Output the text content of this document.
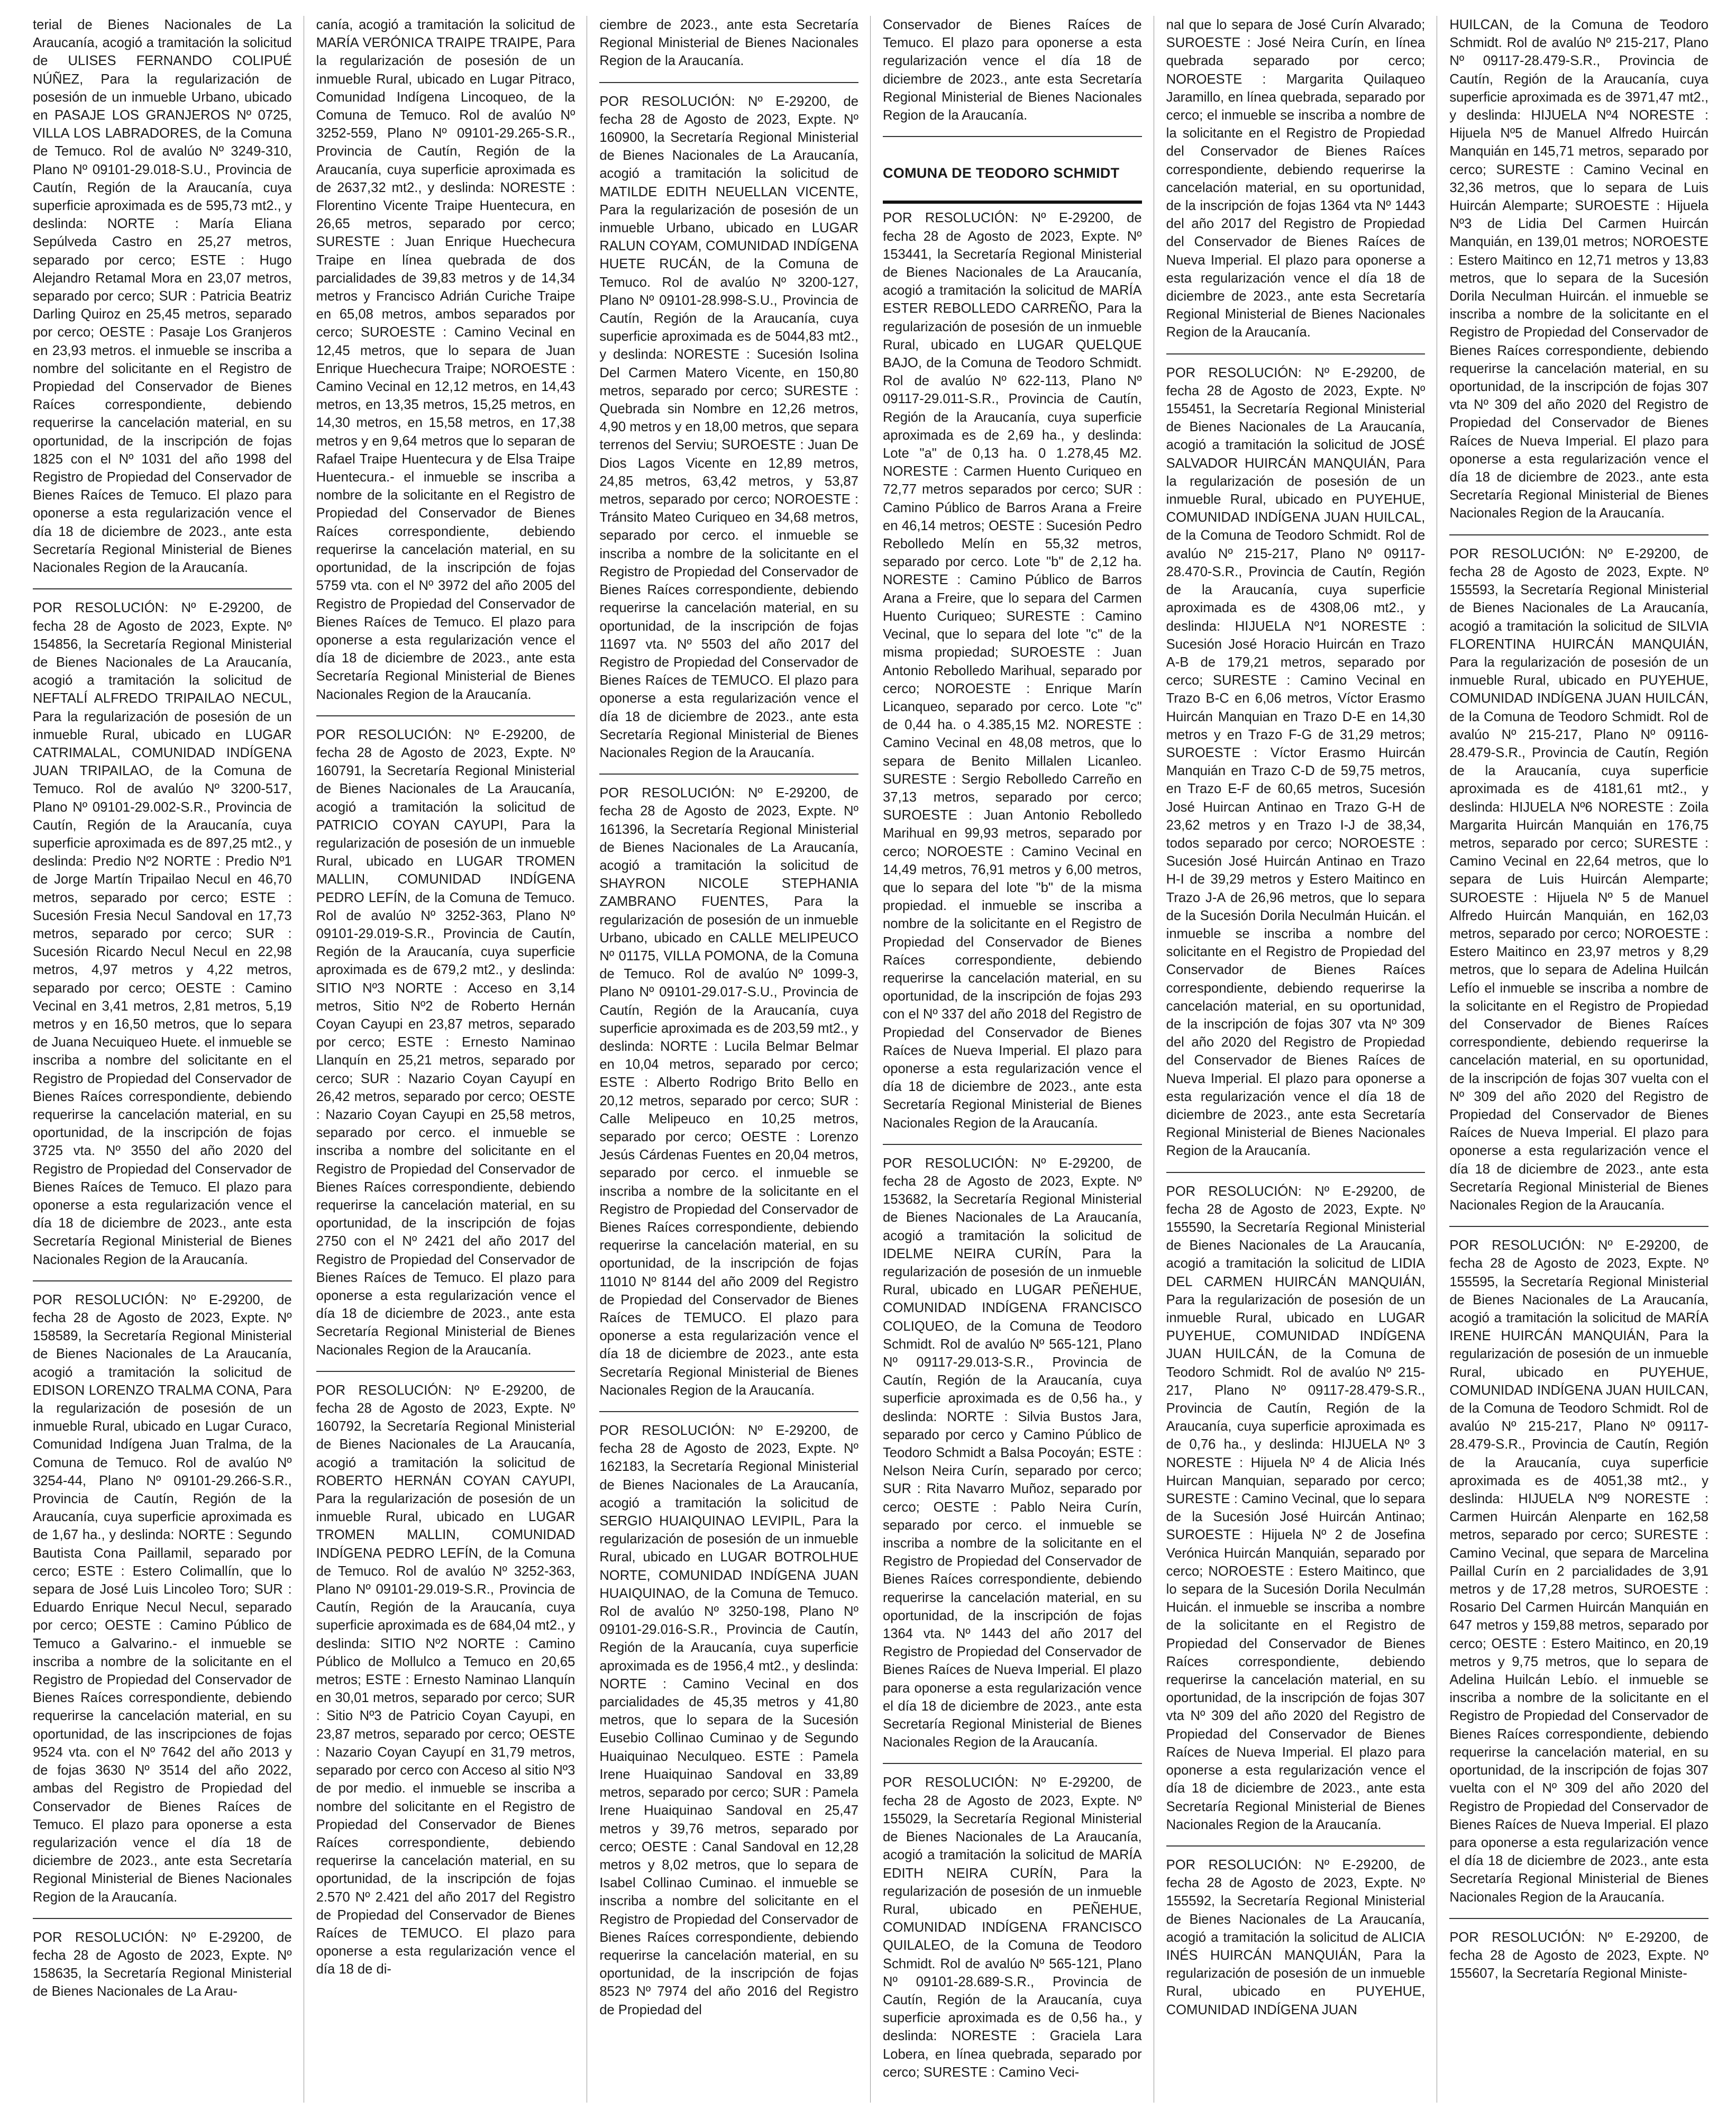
terial de Bienes Nacionales de La Araucanía, acogió a tramitación la solicitud de ULISES FERNANDO COLIPUÉ NÚÑEZ, Para la regularización de posesión de un inmueble Urbano, ubicado en PASAJE LOS GRANJEROS Nº 0725, VILLA LOS LABRADORES, de la Comuna de Temuco. Rol de avalúo Nº 3249-310, Plano Nº 09101-29.018-S.U., Provincia de Cautín, Región de la Araucanía, cuya superficie aproximada es de 595,73 mt2., y deslinda: NORTE : María Eliana Sepúlveda Castro en 25,27 metros, separado por cerco; ESTE : Hugo Alejandro Retamal Mora en 23,07 metros, separado por cerco; SUR : Patricia Beatriz Darling Quiroz en 25,45 metros, separado por cerco; OESTE : Pasaje Los Granjeros en 23,93 metros. el inmueble se inscriba a nombre del solicitante en el Registro de Propiedad del Conservador de Bienes Raíces correspondiente, debiendo requerirse la cancelación material, en su oportunidad, de la inscripción de fojas 1825 con el Nº 1031 del año 1998 del Registro de Propiedad del Conservador de Bienes Raíces de Temuco. El plazo para oponerse a esta regularización vence el día 18 de diciembre de 2023., ante esta Secretaría Regional Ministerial de Bienes Nacionales Region de la Araucanía.

POR RESOLUCIÓN: Nº E-29200, de fecha 28 de Agosto de 2023, Expte. Nº 154856, la Secretaría Regional Ministerial de Bienes Nacionales de La Araucanía, acogió a tramitación la solicitud de NEFTALÍ ALFREDO TRIPAILAO NECUL, Para la regularización de posesión de un inmueble Rural, ubicado en LUGAR CATRIMALAL, COMUNIDAD INDÍGENA JUAN TRIPAILAO, de la Comuna de Temuco. Rol de avalúo Nº 3200-517, Plano Nº 09101-29.002-S.R., Provincia de Cautín, Región de la Araucanía, cuya superficie aproximada es de 897,25 mt2., y deslinda: Predio Nº2 NORTE : Predio Nº1 de Jorge Martín Tripailao Necul en 46,70 metros, separado por cerco; ESTE : Sucesión Fresia Necul Sandoval en 17,73 metros, separado por cerco; SUR : Sucesión Ricardo Necul Necul en 22,98 metros, 4,97 metros y 4,22 metros, separado por cerco; OESTE : Camino Vecinal en 3,41 metros, 2,81 metros, 5,19 metros y en 16,50 metros, que lo separa de Juana Necuiqueo Huete. el inmueble se inscriba a nombre del solicitante en el Registro de Propiedad del Conservador de Bienes Raíces correspondiente, debiendo requerirse la cancelación material, en su oportunidad, de la inscripción de fojas 3725 vta. Nº 3550 del año 2020 del Registro de Propiedad del Conservador de Bienes Raíces de Temuco. El plazo para oponerse a esta regularización vence el día 18 de diciembre de 2023., ante esta Secretaría Regional Ministerial de Bienes Nacionales Region de la Araucanía.

POR RESOLUCIÓN: Nº E-29200, de fecha 28 de Agosto de 2023, Expte. Nº 158589, la Secretaría Regional Ministerial de Bienes Nacionales de La Araucanía, acogió a tramitación la solicitud de EDISON LORENZO TRALMA CONA, Para la regularización de posesión de un inmueble Rural, ubicado en Lugar Curaco, Comunidad Indígena Juan Tralma, de la Comuna de Temuco. Rol de avalúo Nº 3254-44, Plano Nº 09101-29.266-S.R., Provincia de Cautín, Región de la Araucanía, cuya superficie aproximada es de 1,67 ha., y deslinda: NORTE : Segundo Bautista Cona Paillamil, separado por cerco; ESTE : Estero Colimallín, que lo separa de José Luis Lincoleo Toro; SUR : Eduardo Enrique Necul Necul, separado por cerco; OESTE : Camino Público de Temuco a Galvarino.- el inmueble se inscriba a nombre de la solicitante en el Registro de Propiedad del Conservador de Bienes Raíces correspondiente, debiendo requerirse la cancelación material, en su oportunidad, de las inscripciones de fojas 9524 vta. con el Nº 7642 del año 2013 y de fojas 3630 Nº 3514 del año 2022, ambas del Registro de Propiedad del Conservador de Bienes Raíces de Temuco. El plazo para oponerse a esta regularización vence el día 18 de diciembre de 2023., ante esta Secretaría Regional Ministerial de Bienes Nacionales Region de la Araucanía.

POR RESOLUCIÓN: Nº E-29200, de fecha 28 de Agosto de 2023, Expte. Nº 158635, la Secretaría Regional Ministerial de Bienes Nacionales de La Arau-

canía, acogió a tramitación la solicitud de MARÍA VERÓNICA TRAIPE TRAIPE, Para la regularización de posesión de un inmueble Rural, ubicado en Lugar Pitraco, Comunidad Indígena Lincoqueo, de la Comuna de Temuco. Rol de avalúo Nº 3252-559, Plano Nº 09101-29.265-S.R., Provincia de Cautín, Región de la Araucanía, cuya superficie aproximada es de 2637,32 mt2., y deslinda: NORESTE : Florentino Vicente Traipe Huentecura, en 26,65 metros, separado por cerco; SURESTE : Juan Enrique Huechecura Traipe en línea quebrada de dos parcialidades de 39,83 metros y de 14,34 metros y Francisco Adrián Curiche Traipe en 65,08 metros, ambos separados por cerco; SUROESTE : Camino Vecinal en 12,45 metros, que lo separa de Juan Enrique Huechecura Traipe; NOROESTE : Camino Vecinal en 12,12 metros, en 14,43 metros, en 13,35 metros, 15,25 metros, en 14,30 metros, en 15,58 metros, en 17,38 metros y en 9,64 metros que lo separan de Rafael Traipe Huentecura y de Elsa Traipe Huentecura.- el inmueble se inscriba a nombre de la solicitante en el Registro de Propiedad del Conservador de Bienes Raíces correspondiente, debiendo requerirse la cancelación material, en su oportunidad, de la inscripción de fojas 5759 vta. con el Nº 3972 del año 2005 del Registro de Propiedad del Conservador de Bienes Raíces de Temuco. El plazo para oponerse a esta regularización vence el día 18 de diciembre de 2023., ante esta Secretaría Regional Ministerial de Bienes Nacionales Region de la Araucanía.

POR RESOLUCIÓN: Nº E-29200, de fecha 28 de Agosto de 2023, Expte. Nº 160791, la Secretaría Regional Ministerial de Bienes Nacionales de La Araucanía, acogió a tramitación la solicitud de PATRICIO COYAN CAYUPI, Para la regularización de posesión de un inmueble Rural, ubicado en LUGAR TROMEN MALLIN, COMUNIDAD INDÍGENA PEDRO LEFÍN, de la Comuna de Temuco. Rol de avalúo Nº 3252-363, Plano Nº 09101-29.019-S.R., Provincia de Cautín, Región de la Araucanía, cuya superficie aproximada es de 679,2 mt2., y deslinda: SITIO Nº3 NORTE : Acceso en 3,14 metros, Sitio Nº2 de Roberto Hernán Coyan Cayupi en 23,87 metros, separado por cerco; ESTE : Ernesto Naminao Llanquín en 25,21 metros, separado por cerco; SUR : Nazario Coyan Cayupí en 26,42 metros, separado por cerco; OESTE : Nazario Coyan Cayupi en 25,58 metros, separado por cerco. el inmueble se inscriba a nombre del solicitante en el Registro de Propiedad del Conservador de Bienes Raíces correspondiente, debiendo requerirse la cancelación material, en su oportunidad, de la inscripción de fojas 2750 con el Nº 2421 del año 2017 del Registro de Propiedad del Conservador de Bienes Raíces de Temuco. El plazo para oponerse a esta regularización vence el día 18 de diciembre de 2023., ante esta Secretaría Regional Ministerial de Bienes Nacionales Region de la Araucanía.

POR RESOLUCIÓN: Nº E-29200, de fecha 28 de Agosto de 2023, Expte. Nº 160792, la Secretaría Regional Ministerial de Bienes Nacionales de La Araucanía, acogió a tramitación la solicitud de ROBERTO HERNÁN COYAN CAYUPI, Para la regularización de posesión de un inmueble Rural, ubicado en LUGAR TROMEN MALLIN, COMUNIDAD INDÍGENA PEDRO LEFÍN, de la Comuna de Temuco. Rol de avalúo Nº 3252-363, Plano Nº 09101-29.019-S.R., Provincia de Cautín, Región de la Araucanía, cuya superficie aproximada es de 684,04 mt2., y deslinda: SITIO Nº2 NORTE : Camino Público de Mollulco a Temuco en 20,65 metros; ESTE : Ernesto Naminao Llanquín en 30,01 metros, separado por cerco; SUR : Sitio Nº3 de Patricio Coyan Cayupi, en 23,87 metros, separado por cerco; OESTE : Nazario Coyan Cayupí en 31,79 metros, separado por cerco con Acceso al sitio Nº3 de por medio. el inmueble se inscriba a nombre del solicitante en el Registro de Propiedad del Conservador de Bienes Raíces correspondiente, debiendo requerirse la cancelación material, en su oportunidad, de la inscripción de fojas 2.570 Nº 2.421 del año 2017 del Registro de Propiedad del Conservador de Bienes Raíces de TEMUCO. El plazo para oponerse a esta regularización vence el día 18 de di-

ciembre de 2023., ante esta Secretaría Regional Ministerial de Bienes Nacionales Region de la Araucanía.

POR RESOLUCIÓN: Nº E-29200, de fecha 28 de Agosto de 2023, Expte. Nº 160900, la Secretaría Regional Ministerial de Bienes Nacionales de La Araucanía, acogió a tramitación la solicitud de MATILDE EDITH NEUELLAN VICENTE, Para la regularización de posesión de un inmueble Urbano, ubicado en LUGAR RALUN COYAM, COMUNIDAD INDÍGENA HUETE RUCÁN, de la Comuna de Temuco. Rol de avalúo Nº 3200-127, Plano Nº 09101-28.998-S.U., Provincia de Cautín, Región de la Araucanía, cuya superficie aproximada es de 5044,83 mt2., y deslinda: NORESTE : Sucesión Isolina Del Carmen Matero Vicente, en 150,80 metros, separado por cerco; SURESTE : Quebrada sin Nombre en 12,26 metros, 4,90 metros y en 18,00 metros, que separa terrenos del Serviu; SUROESTE : Juan De Dios Lagos Vicente en 12,89 metros, 24,85 metros, 63,42 metros, y 53,87 metros, separado por cerco; NOROESTE : Tránsito Mateo Curiqueo en 34,68 metros, separado por cerco. el inmueble se inscriba a nombre de la solicitante en el Registro de Propiedad del Conservador de Bienes Raíces correspondiente, debiendo requerirse la cancelación material, en su oportunidad, de la inscripción de fojas 11697 vta. Nº 5503 del año 2017 del Registro de Propiedad del Conservador de Bienes Raíces de TEMUCO. El plazo para oponerse a esta regularización vence el día 18 de diciembre de 2023., ante esta Secretaría Regional Ministerial de Bienes Nacionales Region de la Araucanía.

POR RESOLUCIÓN: Nº E-29200, de fecha 28 de Agosto de 2023, Expte. Nº 161396, la Secretaría Regional Ministerial de Bienes Nacionales de La Araucanía, acogió a tramitación la solicitud de SHAYRON NICOLE STEPHANIA ZAMBRANO FUENTES, Para la regularización de posesión de un inmueble Urbano, ubicado en CALLE MELIPEUCO Nº 01175, VILLA POMONA, de la Comuna de Temuco. Rol de avalúo Nº 1099-3, Plano Nº 09101-29.017-S.U., Provincia de Cautín, Región de la Araucanía, cuya superficie aproximada es de 203,59 mt2., y deslinda: NORTE : Lucila Belmar Belmar en 10,04 metros, separado por cerco; ESTE : Alberto Rodrigo Brito Bello en 20,12 metros, separado por cerco; SUR : Calle Melipeuco en 10,25 metros, separado por cerco; OESTE : Lorenzo Jesús Cárdenas Fuentes en 20,04 metros, separado por cerco. el inmueble se inscriba a nombre de la solicitante en el Registro de Propiedad del Conservador de Bienes Raíces correspondiente, debiendo requerirse la cancelación material, en su oportunidad, de la inscripción de fojas 11010 Nº 8144 del año 2009 del Registro de Propiedad del Conservador de Bienes Raíces de TEMUCO. El plazo para oponerse a esta regularización vence el día 18 de diciembre de 2023., ante esta Secretaría Regional Ministerial de Bienes Nacionales Region de la Araucanía.

POR RESOLUCIÓN: Nº E-29200, de fecha 28 de Agosto de 2023, Expte. Nº 162183, la Secretaría Regional Ministerial de Bienes Nacionales de La Araucanía, acogió a tramitación la solicitud de SERGIO HUAIQUINAO LEVIPIL, Para la regularización de posesión de un inmueble Rural, ubicado en LUGAR BOTROLHUE NORTE, COMUNIDAD INDÍGENA JUAN HUAIQUINAO, de la Comuna de Temuco. Rol de avalúo Nº 3250-198, Plano Nº 09101-29.016-S.R., Provincia de Cautín, Región de la Araucanía, cuya superficie aproximada es de 1956,4 mt2., y deslinda: NORTE : Camino Vecinal en dos parcialidades de 45,35 metros y 41,80 metros, que lo separa de la Sucesión Eusebio Collinao Cuminao y de Segundo Huaiquinao Neculqueo. ESTE : Pamela Irene Huaiquinao Sandoval en 33,89 metros, separado por cerco; SUR : Pamela Irene Huaiquinao Sandoval en 25,47 metros y 39,76 metros, separado por cerco; OESTE : Canal Sandoval en 12,28 metros y 8,02 metros, que lo separa de Isabel Collinao Cuminao. el inmueble se inscriba a nombre del solicitante en el Registro de Propiedad del Conservador de Bienes Raíces correspondiente, debiendo requerirse la cancelación material, en su oportunidad, de la inscripción de fojas 8523 Nº 7974 del año 2016 del Registro de Propiedad del

Conservador de Bienes Raíces de Temuco. El plazo para oponerse a esta regularización vence el día 18 de diciembre de 2023., ante esta Secretaría Regional Ministerial de Bienes Nacionales Region de la Araucanía.

COMUNA DE TEODORO SCHMIDT

POR RESOLUCIÓN: Nº E-29200, de fecha 28 de Agosto de 2023, Expte. Nº 153441, la Secretaría Regional Ministerial de Bienes Nacionales de La Araucanía, acogió a tramitación la solicitud de MARÍA ESTER REBOLLEDO CARREÑO, Para la regularización de posesión de un inmueble Rural, ubicado en LUGAR QUELQUE BAJO, de la Comuna de Teodoro Schmidt. Rol de avalúo Nº 622-113, Plano Nº 09117-29.011-S.R., Provincia de Cautín, Región de la Araucanía, cuya superficie aproximada es de 2,69 ha., y deslinda: Lote "a" de 0,13 ha. 0 1.278,45 M2. NORESTE : Carmen Huento Curiqueo en 72,77 metros separados por cerco; SUR : Camino Público de Barros Arana a Freire en 46,14 metros; OESTE : Sucesión Pedro Rebolledo Melín en 55,32 metros, separado por cerco. Lote "b" de 2,12 ha. NORESTE : Camino Público de Barros Arana a Freire, que lo separa del Carmen Huento Curiqueo; SURESTE : Camino Vecinal, que lo separa del lote "c" de la misma propiedad; SUROESTE : Juan Antonio Rebolledo Marihual, separado por cerco; NOROESTE : Enrique Marín Licanqueo, separado por cerco. Lote "c" de 0,44 ha. o 4.385,15 M2. NORESTE : Camino Vecinal en 48,08 metros, que lo separa de Benito Millalen Licanleo. SURESTE : Sergio Rebolledo Carreño en 37,13 metros, separado por cerco; SUROESTE : Juan Antonio Rebolledo Marihual en 99,93 metros, separado por cerco; NOROESTE : Camino Vecinal en 14,49 metros, 76,91 metros y 6,00 metros, que lo separa del lote "b" de la misma propiedad. el inmueble se inscriba a nombre de la solicitante en el Registro de Propiedad del Conservador de Bienes Raíces correspondiente, debiendo requerirse la cancelación material, en su oportunidad, de la inscripción de fojas 293 con el Nº 337 del año 2018 del Registro de Propiedad del Conservador de Bienes Raíces de Nueva Imperial. El plazo para oponerse a esta regularización vence el día 18 de diciembre de 2023., ante esta Secretaría Regional Ministerial de Bienes Nacionales Region de la Araucanía.

POR RESOLUCIÓN: Nº E-29200, de fecha 28 de Agosto de 2023, Expte. Nº 153682, la Secretaría Regional Ministerial de Bienes Nacionales de La Araucanía, acogió a tramitación la solicitud de IDELME NEIRA CURÍN, Para la regularización de posesión de un inmueble Rural, ubicado en LUGAR PEÑEHUE, COMUNIDAD INDÍGENA FRANCISCO COLIQUEO, de la Comuna de Teodoro Schmidt. Rol de avalúo Nº 565-121, Plano Nº 09117-29.013-S.R., Provincia de Cautín, Región de la Araucanía, cuya superficie aproximada es de 0,56 ha., y deslinda: NORTE : Silvia Bustos Jara, separado por cerco y Camino Público de Teodoro Schmidt a Balsa Pocoyán; ESTE : Nelson Neira Curín, separado por cerco; SUR : Rita Navarro Muñoz, separado por cerco; OESTE : Pablo Neira Curín, separado por cerco. el inmueble se inscriba a nombre de la solicitante en el Registro de Propiedad del Conservador de Bienes Raíces correspondiente, debiendo requerirse la cancelación material, en su oportunidad, de la inscripción de fojas 1364 vta. Nº 1443 del año 2017 del Registro de Propiedad del Conservador de Bienes Raíces de Nueva Imperial. El plazo para oponerse a esta regularización vence el día 18 de diciembre de 2023., ante esta Secretaría Regional Ministerial de Bienes Nacionales Region de la Araucanía.

POR RESOLUCIÓN: Nº E-29200, de fecha 28 de Agosto de 2023, Expte. Nº 155029, la Secretaría Regional Ministerial de Bienes Nacionales de La Araucanía, acogió a tramitación la solicitud de MARÍA EDITH NEIRA CURÍN, Para la regularización de posesión de un inmueble Rural, ubicado en PEÑEHUE, COMUNIDAD INDÍGENA FRANCISCO QUILALEO, de la Comuna de Teodoro Schmidt. Rol de avalúo Nº 565-121, Plano Nº 09101-28.689-S.R., Provincia de Cautín, Región de la Araucanía, cuya superficie aproximada es de 0,56 ha., y deslinda: NORESTE : Graciela Lara Lobera, en línea quebrada, separado por cerco; SURESTE : Camino Veci-

nal que lo separa de José Curín Alvarado; SUROESTE : José Neira Curín, en línea quebrada separado por cerco; NOROESTE : Margarita Quilaqueo Jaramillo, en línea quebrada, separado por cerco; el inmueble se inscriba a nombre de la solicitante en el Registro de Propiedad del Conservador de Bienes Raíces correspondiente, debiendo requerirse la cancelación material, en su oportunidad, de la inscripción de fojas 1364 vta Nº 1443 del año 2017 del Registro de Propiedad del Conservador de Bienes Raíces de Nueva Imperial. El plazo para oponerse a esta regularización vence el día 18 de diciembre de 2023., ante esta Secretaría Regional Ministerial de Bienes Nacionales Region de la Araucanía.

POR RESOLUCIÓN: Nº E-29200, de fecha 28 de Agosto de 2023, Expte. Nº 155451, la Secretaría Regional Ministerial de Bienes Nacionales de La Araucanía, acogió a tramitación la solicitud de JOSÉ SALVADOR HUIRCÁN MANQUIÁN, Para la regularización de posesión de un inmueble Rural, ubicado en PUYEHUE, COMUNIDAD INDÍGENA JUAN HUILCAL, de la Comuna de Teodoro Schmidt. Rol de avalúo Nº 215-217, Plano Nº 09117-28.470-S.R., Provincia de Cautín, Región de la Araucanía, cuya superficie aproximada es de 4308,06 mt2., y deslinda: HIJUELA Nº1 NORESTE : Sucesión José Horacio Huircán en Trazo A-B de 179,21 metros, separado por cerco; SURESTE : Camino Vecinal en Trazo B-C en 6,06 metros, Víctor Erasmo Huircán Manquian en Trazo D-E en 14,30 metros y en Trazo F-G de 31,29 metros; SUROESTE : Víctor Erasmo Huircán Manquián en Trazo C-D de 59,75 metros, en Trazo E-F de 60,65 metros, Sucesión José Huircan Antinao en Trazo G-H de 23,62 metros y en Trazo I-J de 38,34, todos separado por cerco; NOROESTE : Sucesión José Huircán Antinao en Trazo H-I de 39,29 metros y Estero Maitinco en Trazo J-A de 26,96 metros, que lo separa de la Sucesión Dorila Neculmán Huicán. el inmueble se inscriba a nombre del solicitante en el Registro de Propiedad del Conservador de Bienes Raíces correspondiente, debiendo requerirse la cancelación material, en su oportunidad, de la inscripción de fojas 307 vta Nº 309 del año 2020 del Registro de Propiedad del Conservador de Bienes Raíces de Nueva Imperial. El plazo para oponerse a esta regularización vence el día 18 de diciembre de 2023., ante esta Secretaría Regional Ministerial de Bienes Nacionales Region de la Araucanía.

POR RESOLUCIÓN: Nº E-29200, de fecha 28 de Agosto de 2023, Expte. Nº 155590, la Secretaría Regional Ministerial de Bienes Nacionales de La Araucanía, acogió a tramitación la solicitud de LIDIA DEL CARMEN HUIRCÁN MANQUIÁN, Para la regularización de posesión de un inmueble Rural, ubicado en LUGAR PUYEHUE, COMUNIDAD INDÍGENA JUAN HUILCÁN, de la Comuna de Teodoro Schmidt. Rol de avalúo Nº 215-217, Plano Nº 09117-28.479-S.R., Provincia de Cautín, Región de la Araucanía, cuya superficie aproximada es de 0,76 ha., y deslinda: HIJUELA Nº 3 NORESTE : Hijuela Nº 4 de Alicia Inés Huircan Manquian, separado por cerco; SURESTE : Camino Vecinal, que lo separa de la Sucesión José Huircán Antinao; SUROESTE : Hijuela Nº 2 de Josefina Verónica Huircán Manquián, separado por cerco; NOROESTE : Estero Maitinco, que lo separa de la Sucesión Dorila Neculmán Huicán. el inmueble se inscriba a nombre de la solicitante en el Registro de Propiedad del Conservador de Bienes Raíces correspondiente, debiendo requerirse la cancelación material, en su oportunidad, de la inscripción de fojas 307 vta Nº 309 del año 2020 del Registro de Propiedad del Conservador de Bienes Raíces de Nueva Imperial. El plazo para oponerse a esta regularización vence el día 18 de diciembre de 2023., ante esta Secretaría Regional Ministerial de Bienes Nacionales Region de la Araucanía.

POR RESOLUCIÓN: Nº E-29200, de fecha 28 de Agosto de 2023, Expte. Nº 155592, la Secretaría Regional Ministerial de Bienes Nacionales de La Araucanía, acogió a tramitación la solicitud de ALICIA INÉS HUIRCÁN MANQUIÁN, Para la regularización de posesión de un inmueble Rural, ubicado en PUYEHUE, COMUNIDAD INDÍGENA JUAN

HUILCAN, de la Comuna de Teodoro Schmidt. Rol de avalúo Nº 215-217, Plano Nº 09117-28.479-S.R., Provincia de Cautín, Región de la Araucanía, cuya superficie aproximada es de 3971,47 mt2., y deslinda: HIJUELA Nº4 NORESTE : Hijuela Nº5 de Manuel Alfredo Huircán Manquián en 145,71 metros, separado por cerco; SURESTE : Camino Vecinal en 32,36 metros, que lo separa de Luis Huircán Alemparte; SUROESTE : Hijuela Nº3 de Lidia Del Carmen Huircán Manquián, en 139,01 metros; NOROESTE : Estero Maitinco en 12,71 metros y 13,83 metros, que lo separa de la Sucesión Dorila Neculman Huircán. el inmueble se inscriba a nombre de la solicitante en el Registro de Propiedad del Conservador de Bienes Raíces correspondiente, debiendo requerirse la cancelación material, en su oportunidad, de la inscripción de fojas 307 vta Nº 309 del año 2020 del Registro de Propiedad del Conservador de Bienes Raíces de Nueva Imperial. El plazo para oponerse a esta regularización vence el día 18 de diciembre de 2023., ante esta Secretaría Regional Ministerial de Bienes Nacionales Region de la Araucanía.

POR RESOLUCIÓN: Nº E-29200, de fecha 28 de Agosto de 2023, Expte. Nº 155593, la Secretaría Regional Ministerial de Bienes Nacionales de La Araucanía, acogió a tramitación la solicitud de SILVIA FLORENTINA HUIRCÁN MANQUIÁN, Para la regularización de posesión de un inmueble Rural, ubicado en PUYEHUE, COMUNIDAD INDÍGENA JUAN HUILCÁN, de la Comuna de Teodoro Schmidt. Rol de avalúo Nº 215-217, Plano Nº 09116-28.479-S.R., Provincia de Cautín, Región de la Araucanía, cuya superficie aproximada es de 4181,61 mt2., y deslinda: HIJUELA Nº6 NORESTE : Zoila Margarita Huircán Manquián en 176,75 metros, separado por cerco; SURESTE : Camino Vecinal en 22,64 metros, que lo separa de Luis Huircán Alemparte; SUROESTE : Hijuela Nº 5 de Manuel Alfredo Huircán Manquián, en 162,03 metros, separado por cerco; NOROESTE : Estero Maitinco en 23,97 metros y 8,29 metros, que lo separa de Adelina Huilcán Lefío el inmueble se inscriba a nombre de la solicitante en el Registro de Propiedad del Conservador de Bienes Raíces correspondiente, debiendo requerirse la cancelación material, en su oportunidad, de la inscripción de fojas 307 vuelta con el Nº 309 del año 2020 del Registro de Propiedad del Conservador de Bienes Raíces de Nueva Imperial. El plazo para oponerse a esta regularización vence el día 18 de diciembre de 2023., ante esta Secretaría Regional Ministerial de Bienes Nacionales Region de la Araucanía.

POR RESOLUCIÓN: Nº E-29200, de fecha 28 de Agosto de 2023, Expte. Nº 155595, la Secretaría Regional Ministerial de Bienes Nacionales de La Araucanía, acogió a tramitación la solicitud de MARÍA IRENE HUIRCÁN MANQUIÁN, Para la regularización de posesión de un inmueble Rural, ubicado en PUYEHUE, COMUNIDAD INDÍGENA JUAN HUILCAN, de la Comuna de Teodoro Schmidt. Rol de avalúo Nº 215-217, Plano Nº 09117-28.479-S.R., Provincia de Cautín, Región de la Araucanía, cuya superficie aproximada es de 4051,38 mt2., y deslinda: HIJUELA Nº9 NORESTE : Carmen Huircán Alenparte en 162,58 metros, separado por cerco; SURESTE : Camino Vecinal, que separa de Marcelina Paillal Curín en 2 parcialidades de 3,91 metros y de 17,28 metros, SUROESTE : Rosario Del Carmen Huircán Manquián en 647 metros y 159,88 metros, separado por cerco; OESTE : Estero Maitinco, en 20,19 metros y 9,75 metros, que lo separa de Adelina Huilcán Lebío. el inmueble se inscriba a nombre de la solicitante en el Registro de Propiedad del Conservador de Bienes Raíces correspondiente, debiendo requerirse la cancelación material, en su oportunidad, de la inscripción de fojas 307 vuelta con el Nº 309 del año 2020 del Registro de Propiedad del Conservador de Bienes Raíces de Nueva Imperial. El plazo para oponerse a esta regularización vence el día 18 de diciembre de 2023., ante esta Secretaría Regional Ministerial de Bienes Nacionales Region de la Araucanía.

POR RESOLUCIÓN: Nº E-29200, de fecha 28 de Agosto de 2023, Expte. Nº 155607, la Secretaría Regional Ministe-
